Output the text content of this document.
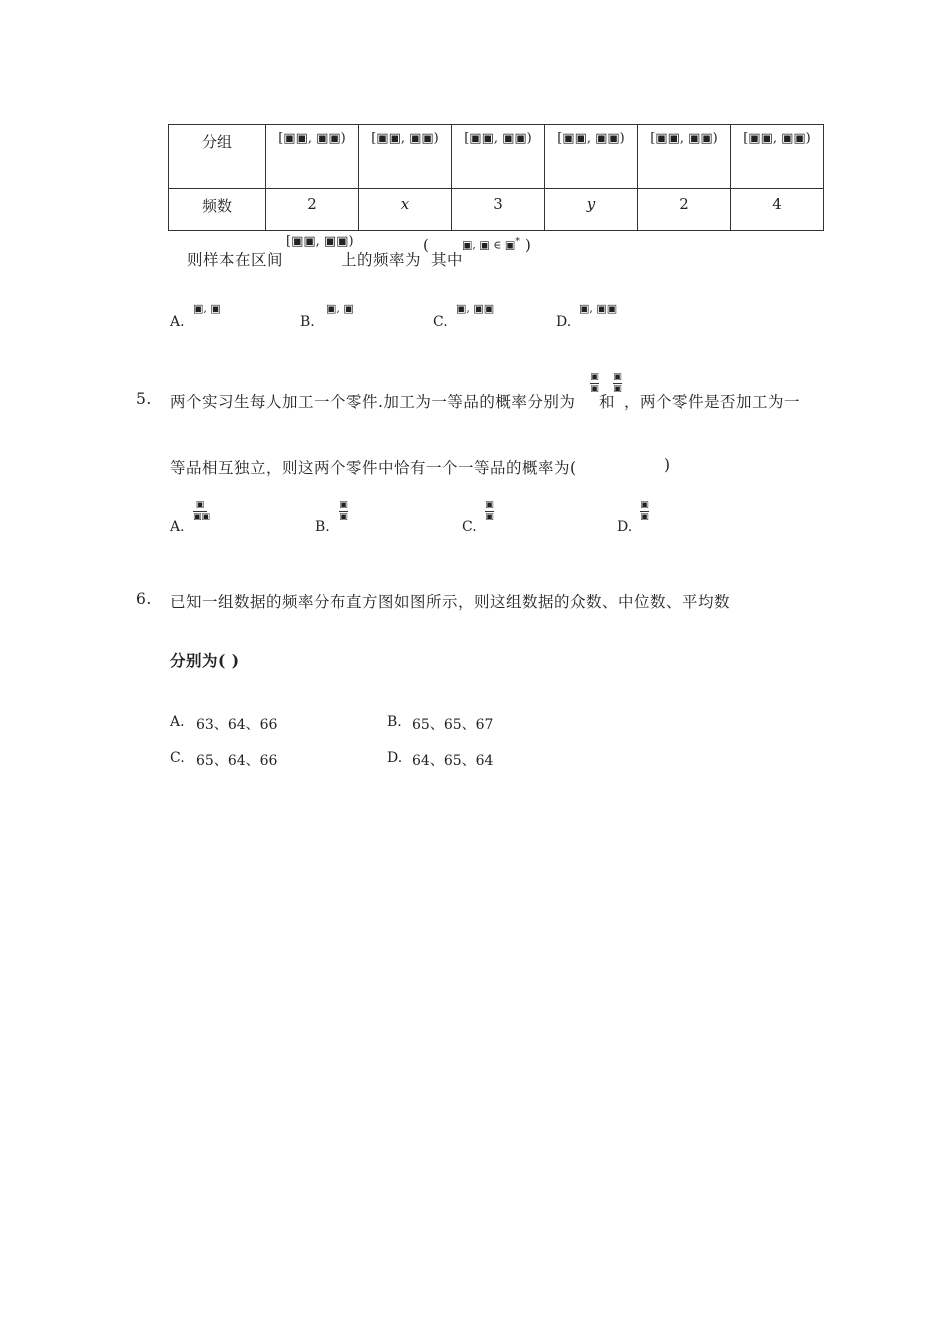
分组	[▣▣, ▣▣)	[▣▣, ▣▣)	[▣▣, ▣▣)	[▣▣, ▣▣)	[▣▣, ▣▣)	[▣▣, ▣▣)
频数	2	x	3	y	2	4
则样本在区间
[▣▣, ▣▣)
上的频率为
(
其中
▣, ▣ ∈ ▣* )
A.
▣, ▣
B.
▣, ▣
C.
▣, ▣▣
D.
▣, ▣▣
5. 两个实习生每人加工一个零件.加工为一等品的概率分别为
▣
▣
和
▣
▣
，两个零件是否加工为一
等品相互独立，则这两个零件中恰有一个一等品的概率为(	)
A.
▣
▣▣
B.
▣
▣
C.
▣
▣
D.
▣
▣
6. 已知一组数据的频率分布直方图如图所示，则这组数据的众数、中位数、平均数
分别为( )
A. 63、64、66	B. 65、65、67
C. 65、64、66	D. 64、65、64
